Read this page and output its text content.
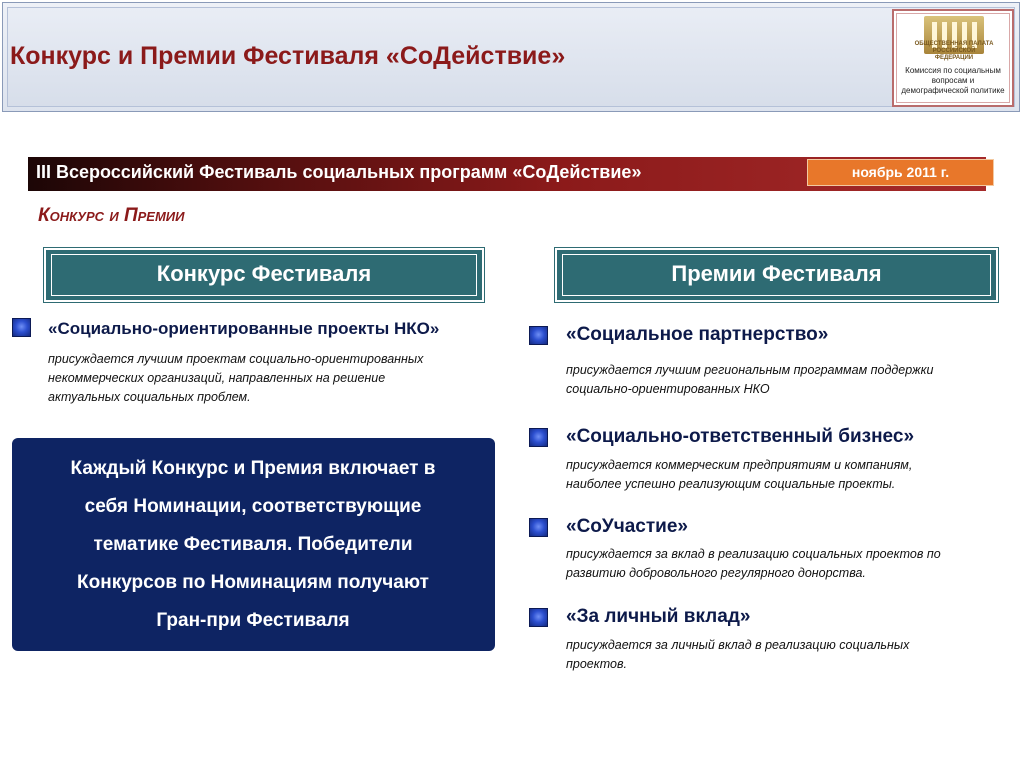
Конкурс и Премии Фестиваля «СоДействие»	ОБЩЕСТВЕННАЯ ПАЛАТА РОССИЙСКОЙ ФЕДЕРАЦИИ
Комиссия по социальным вопросам и демографической политике
III Всероссийский Фестиваль социальных программ «СоДействие»	ноябрь 2011 г.
Конкурс и Премии
Конкурс Фестиваля	Премии Фестиваля
«Социально-ориентированные проекты НКО»
присуждается лучшим проектам социально-ориентированных
некоммерческих организаций, направленных на решение
актуальных социальных проблем.
Каждый Конкурс и Премия включает в
себя Номинации, соответствующие
тематике Фестиваля. Победители
Конкурсов по Номинациям получают
Гран-при Фестиваля
«Социальное партнерство»
присуждается лучшим региональным программам поддержки
социально-ориентированных НКО
«Социально-ответственный бизнес»
присуждается коммерческим предприятиям и компаниям,
наиболее успешно реализующим социальные проекты.
«СоУчастие»
присуждается за вклад в реализацию социальных проектов по
развитию добровольного регулярного донорства.
«За личный вклад»
присуждается за личный вклад в реализацию социальных
проектов.
